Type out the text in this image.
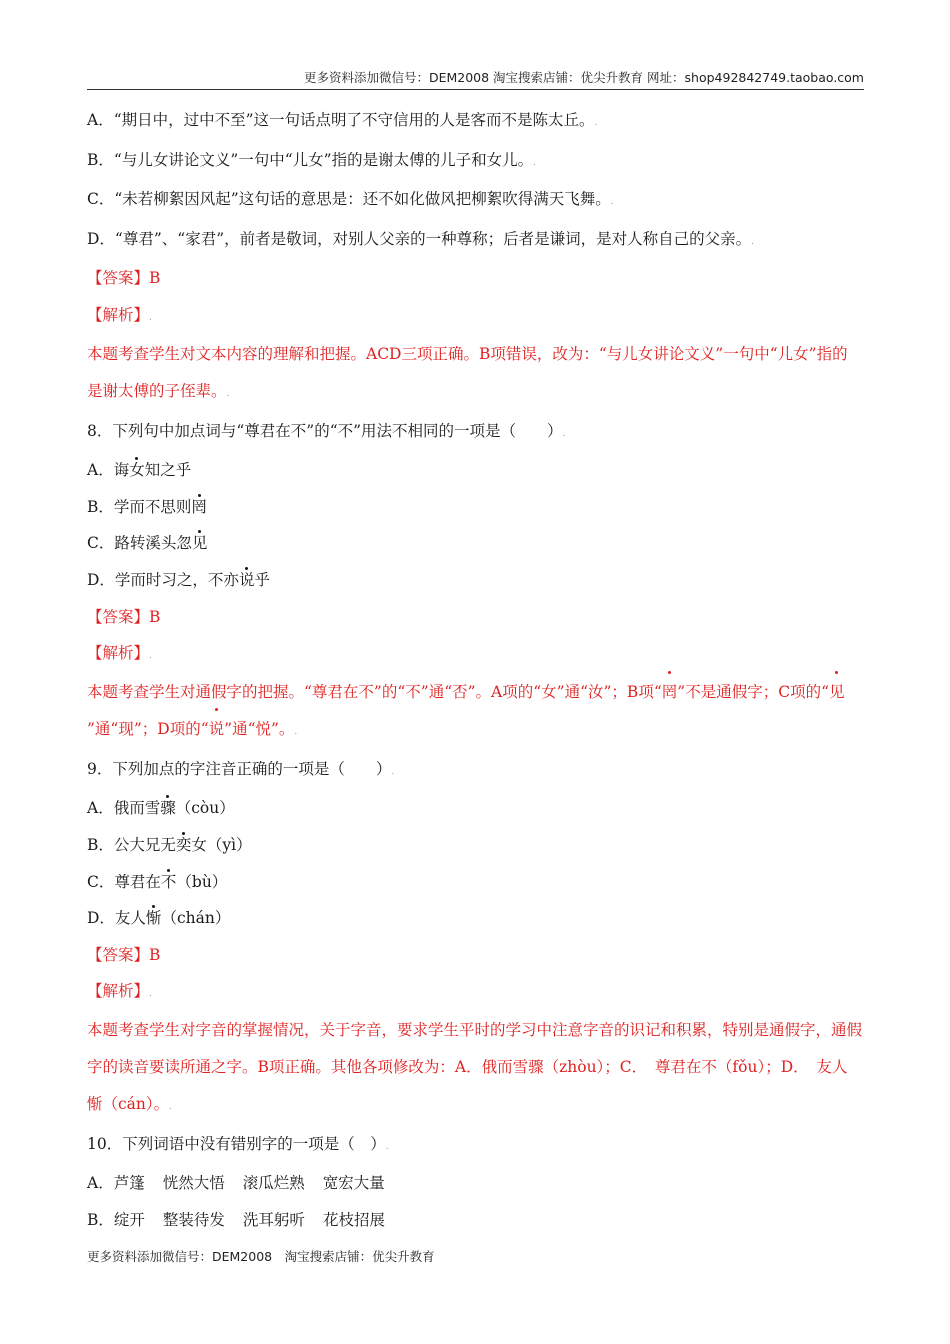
更多资料添加微信号：DEM2008 淘宝搜索店铺：优尖升教育 网址：shop492842749.taobao.com
A．“期日中，过中不至”这一句话点明了不守信用的人是客而不是陈太丘。.
B．“与儿女讲论文义”一句中“儿女”指的是谢太傅的儿子和女儿。.
C．“未若柳絮因风起”这句话的意思是：还不如化做风把柳絮吹得满天飞舞。.
D．“尊君”、“家君”，前者是敬词，对别人父亲的一种尊称；后者是谦词，是对人称自己的父亲。.
【答案】B
【解析】.
本题考查学生对文本内容的理解和把握。ACD三项正确。B项错误，改为：“与儿女讲论文义”一句中“儿女”指的是谢太傅的子侄辈。.
8．下列句中加点词与“尊君在不”的“不”用法不相同的一项是（　　）.
A．诲女知之乎
B．学而不思则罔
C．路转溪头忽见
D．学而时习之，不亦说乎
【答案】B
【解析】.
本题考查学生对通假字的把握。“尊君在不”的“不”通“否”。A项的“女”通“汝”；B项“罔”不是通假字；C项的“见”通“现”；D项的“说”通“悦”。.
9．下列加点的字注音正确的一项是（　　）.
A．俄而雪骤（còu）
B．公大兄无奕女（yì）
C．尊君在不（bù）
D．友人惭（chán）
【答案】B
【解析】.
本题考查学生对字音的掌握情况，关于字音，要求学生平时的学习中注意字音的识记和积累，特别是通假字，通假字的读音要读所通之字。B项正确。其他各项修改为：A．俄而雪骤（zhòu）；C．　尊君在不（fǒu）；D．　友人惭（cán）。.
10．下列词语中没有错别字的一项是（　）.
A．芦篷 恍然大悟 滚瓜烂熟 宽宏大量
B．绽开 整装待发 洗耳躬听 花枝招展
更多资料添加微信号：DEM2008　淘宝搜索店铺：优尖升教育
